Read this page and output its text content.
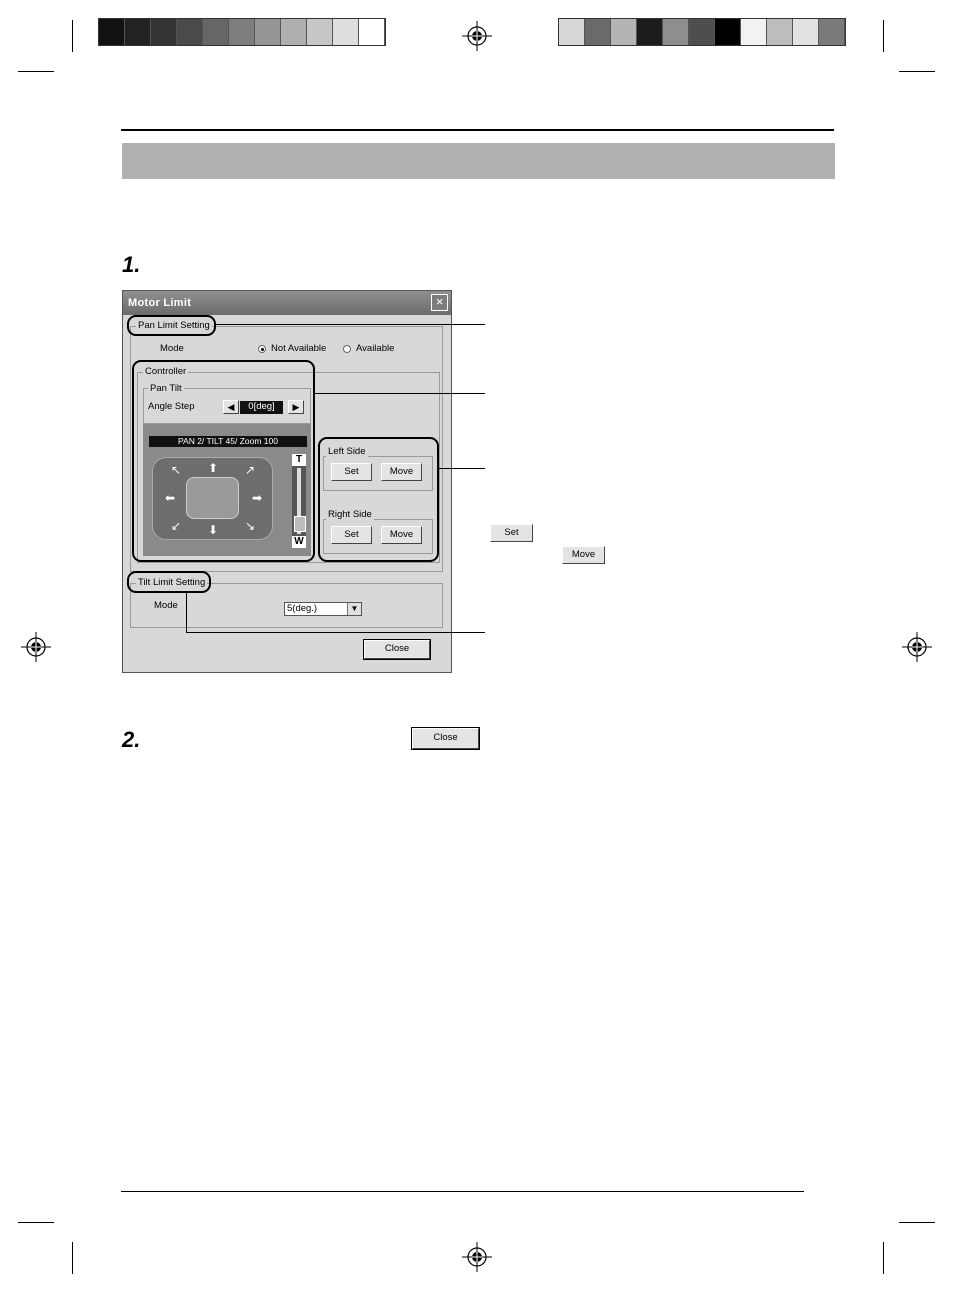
1.
Motor Limit	×
Pan Limit Setting
Mode	Not Available	Available
Controller
Pan Tilt
Angle Step	◀	0[deg]	▶
PAN 2/ TILT 45/ Zoom 100
↖	⬆	↗
⬅	➡
↙	⬇	↘
T
W
Left Side
Set	Move
Right Side
Set	Move
Tilt Limit Setting
Mode	5(deg.)	▼
Close
Set
Move
2.	Close
